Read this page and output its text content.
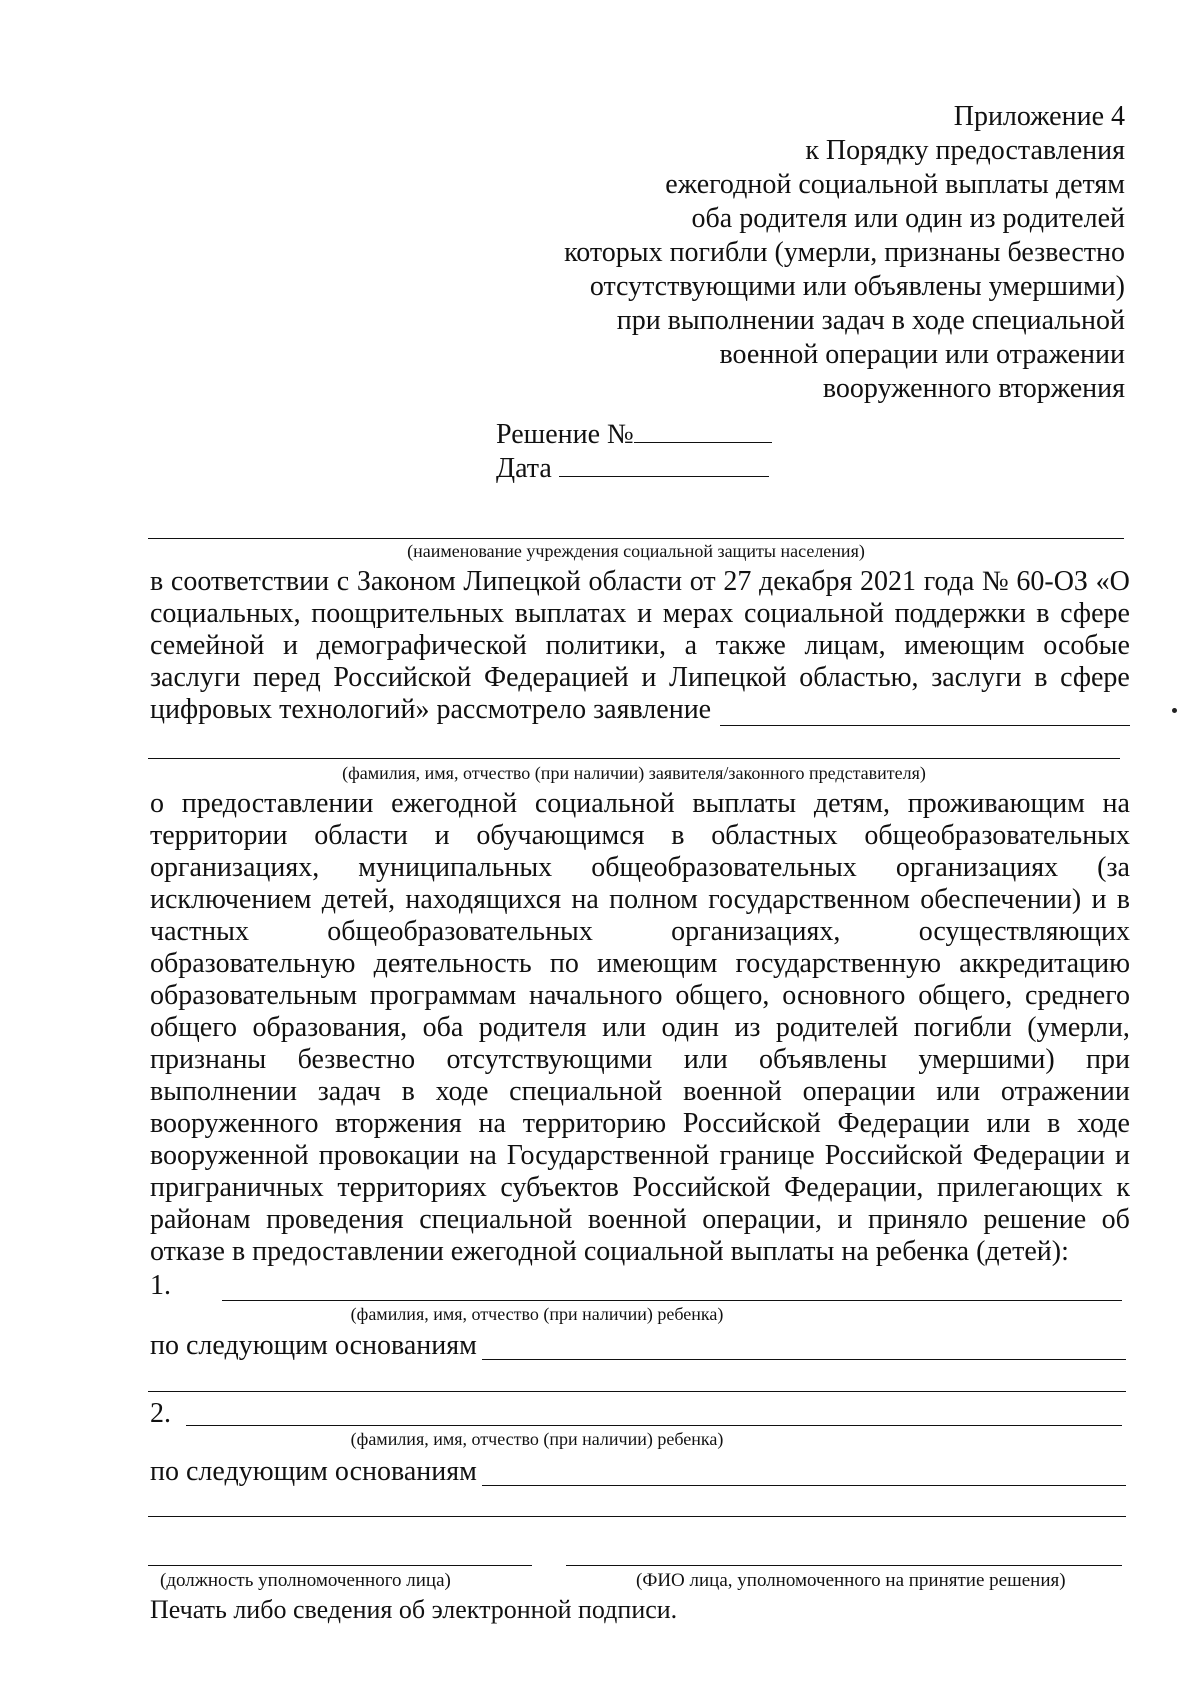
Приложение 4
к Порядку предоставления
ежегодной социальной выплаты детям
оба родителя или один из родителей
которых погибли (умерли, признаны безвестно
отсутствующими или объявлены умершими)
при выполнении задач в ходе специальной
военной операции или отражении
вооруженного вторжения
Решение №
Дата
(наименование учреждения социальной защиты населения)
в соответствии с Законом Липецкой области от 27 декабря 2021 года № 60-ОЗ «О
социальных, поощрительных выплатах и мерах социальной поддержки в сфере
семейной и демографической политики, а также лицам, имеющим особые
заслуги перед Российской Федерацией и Липецкой областью, заслуги в сфере
цифровых технологий» рассмотрело заявление
(фамилия, имя, отчество (при наличии) заявителя/законного представителя)
о предоставлении ежегодной социальной выплаты детям, проживающим на
территории области и обучающимся в областных общеобразовательных
организациях, муниципальных общеобразовательных организациях (за
исключением детей, находящихся на полном государственном обеспечении) и в
частных	общеобразовательных	организациях,	осуществляющих
образовательную деятельность по имеющим государственную аккредитацию
образовательным программам начального общего, основного общего, среднего
общего образования, оба родителя или один из родителей погибли (умерли,
признаны безвестно отсутствующими или объявлены умершими) при
выполнении задач в ходе специальной военной операции или отражении
вооруженного вторжения на территорию Российской Федерации или в ходе
вооруженной провокации на Государственной границе Российской Федерации и
приграничных территориях субъектов Российской Федерации, прилегающих к
районам проведения специальной военной операции, и приняло решение об
отказе в предоставлении ежегодной социальной выплаты на ребенка (детей):
1.
(фамилия, имя, отчество (при наличии) ребенка)
по следующим основаниям
2.
(фамилия, имя, отчество (при наличии) ребенка)
по следующим основаниям
(должность уполномоченного лица)	(ФИО лица, уполномоченного на принятие решения)
Печать либо сведения об электронной подписи.
